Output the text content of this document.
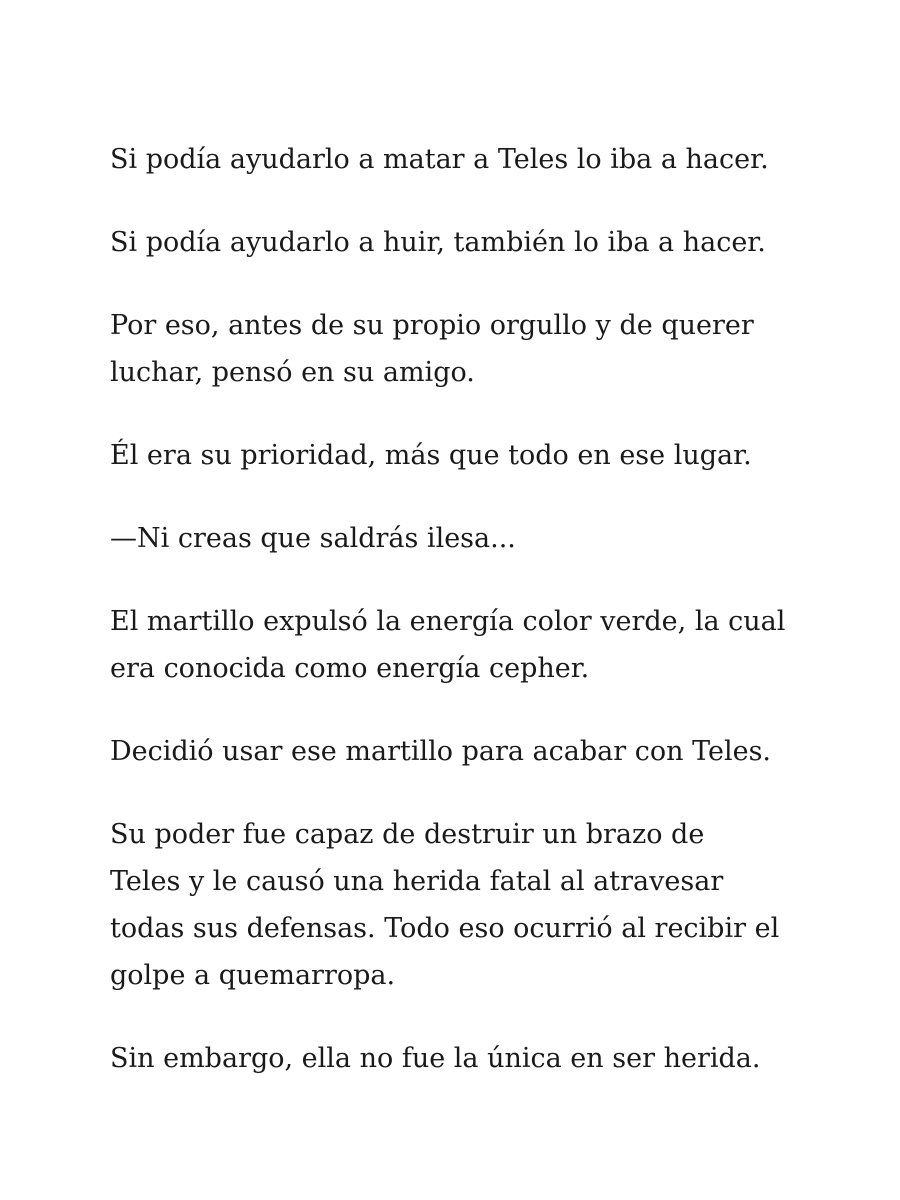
Si podía ayudarlo a matar a Teles lo iba a hacer.

Si podía ayudarlo a huir, también lo iba a hacer.

Por eso, antes de su propio orgullo y de querer
luchar, pensó en su amigo.

Él era su prioridad, más que todo en ese lugar.

—Ni creas que saldrás ilesa...

El martillo expulsó la energía color verde, la cual
era conocida como energía cepher.

Decidió usar ese martillo para acabar con Teles.

Su poder fue capaz de destruir un brazo de
Teles y le causó una herida fatal al atravesar
todas sus defensas. Todo eso ocurrió al recibir el
golpe a quemarropa.

Sin embargo, ella no fue la única en ser herida.
